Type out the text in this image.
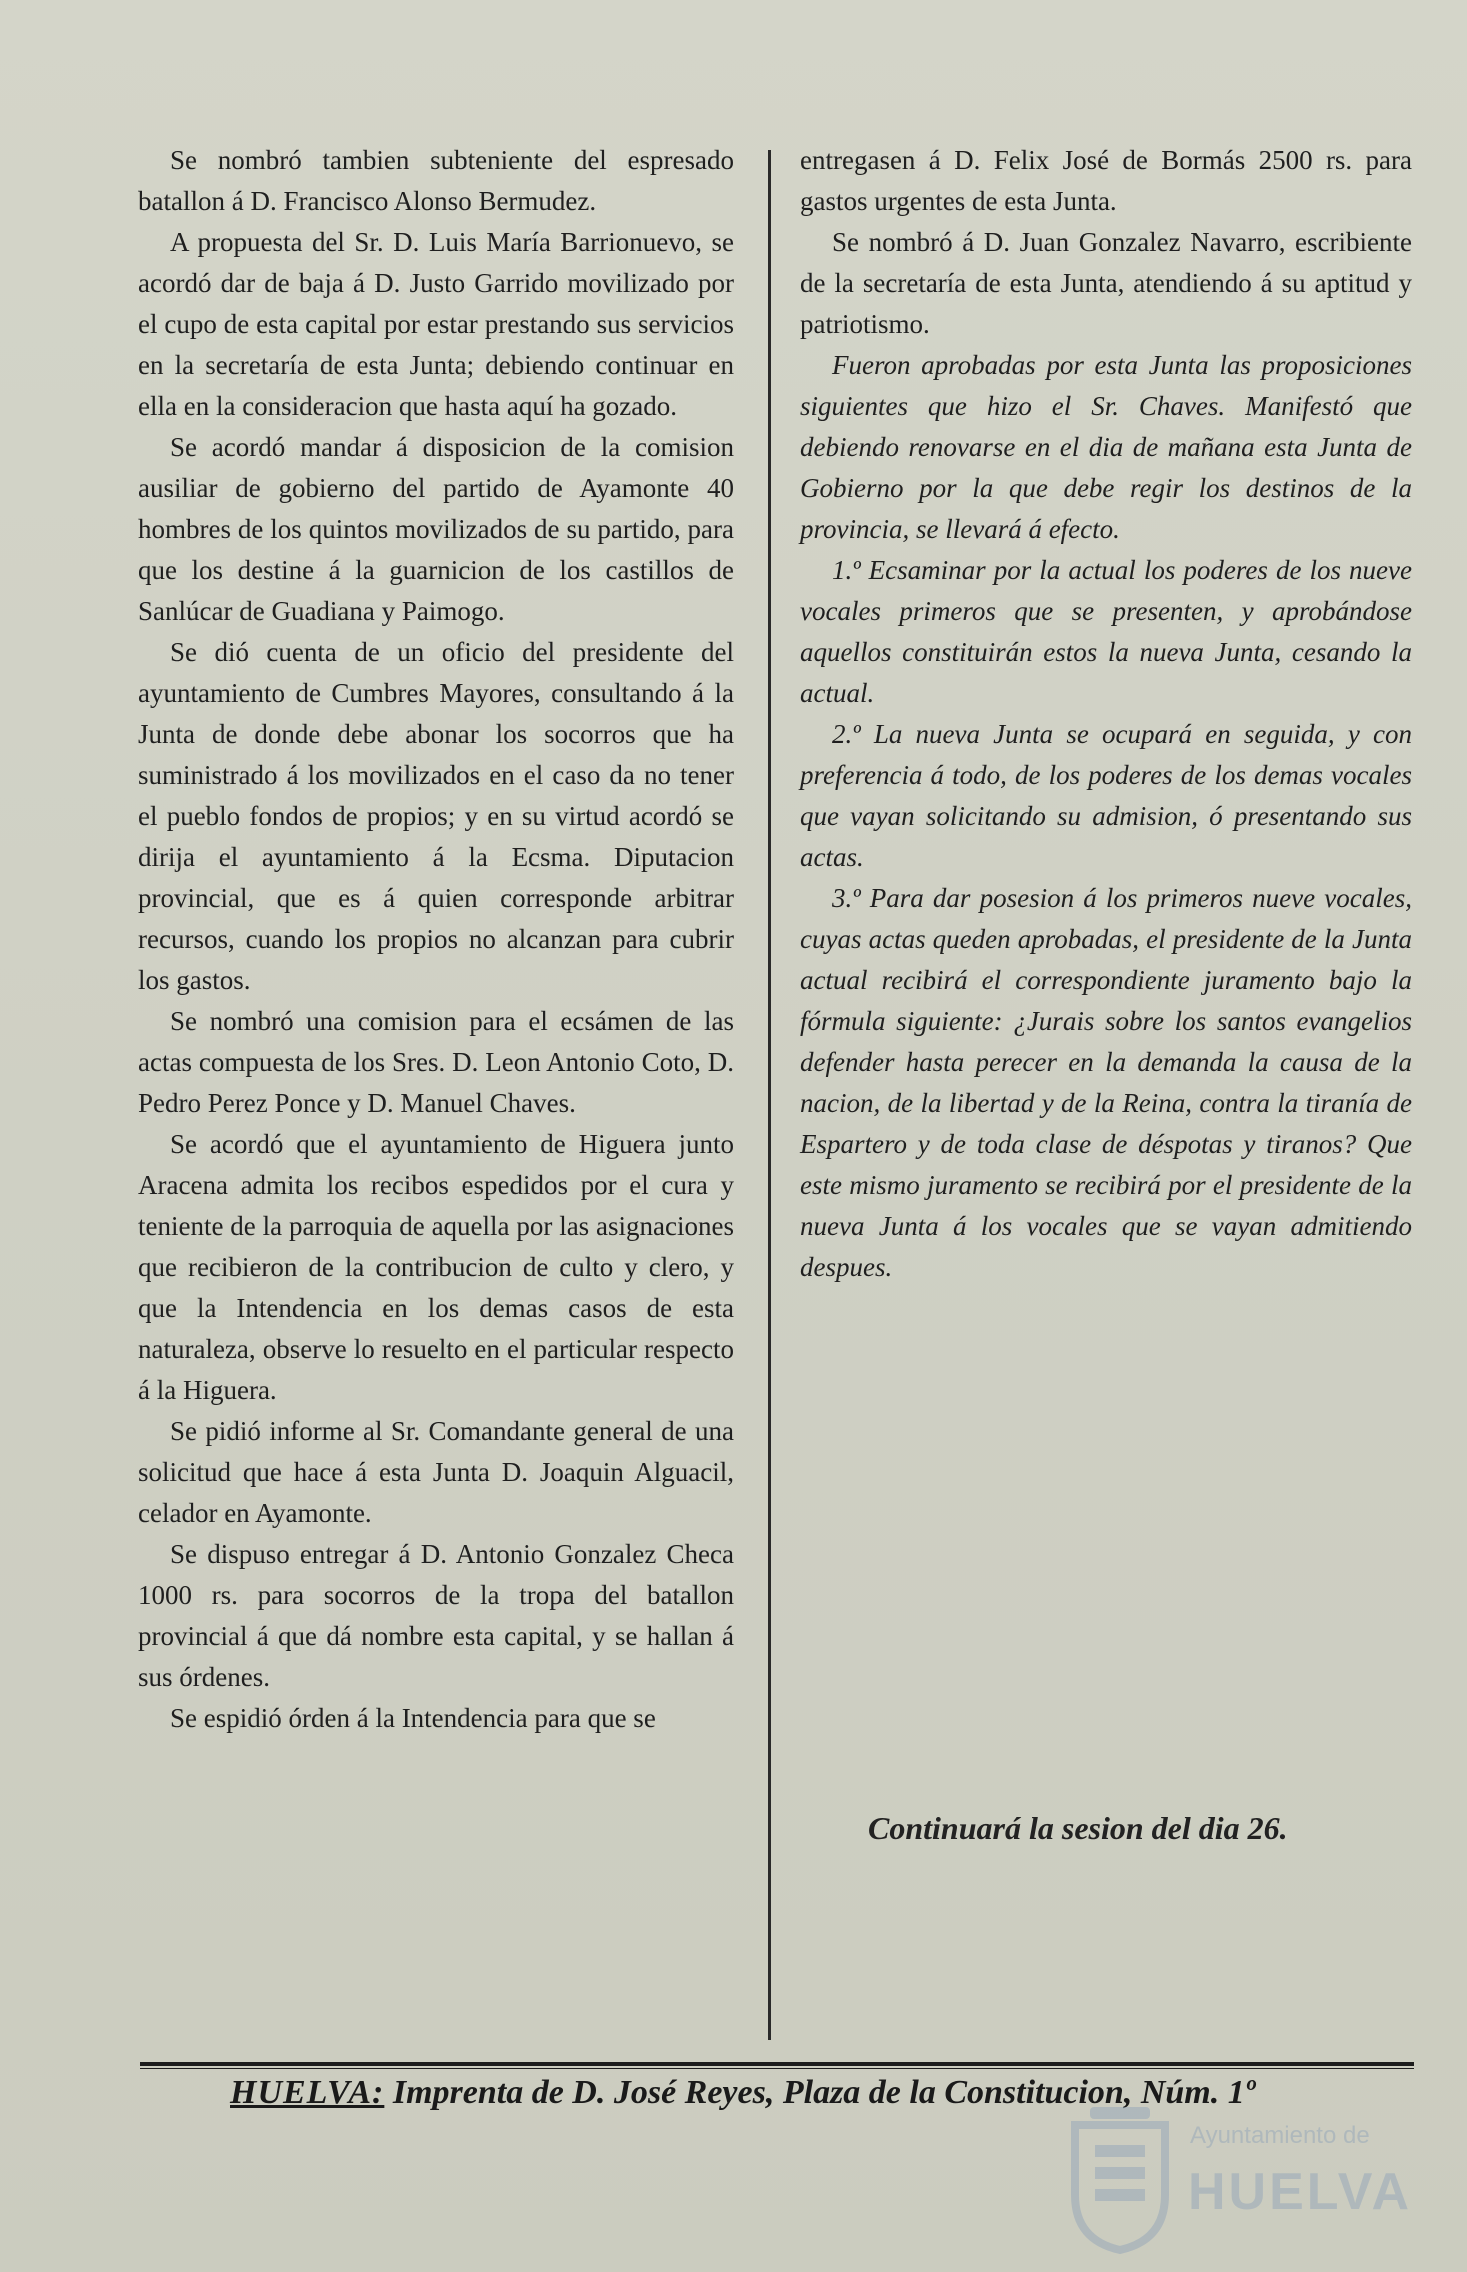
Se nombró tambien subteniente del espresado batallon á D. Francisco Alonso Bermudez.

A propuesta del Sr. D. Luis María Barrionuevo, se acordó dar de baja á D. Justo Garrido movilizado por el cupo de esta capital por estar prestando sus servicios en la secretaría de esta Junta; debiendo continuar en ella en la consideracion que hasta aquí ha gozado.

Se acordó mandar á disposicion de la comision ausiliar de gobierno del partido de Ayamonte 40 hombres de los quintos movilizados de su partido, para que los destine á la guarnicion de los castillos de Sanlúcar de Guadiana y Paimogo.

Se dió cuenta de un oficio del presidente del ayuntamiento de Cumbres Mayores, consultando á la Junta de donde debe abonar los socorros que ha suministrado á los movilizados en el caso da no tener el pueblo fondos de propios; y en su virtud acordó se dirija el ayuntamiento á la Ecsma. Diputacion provincial, que es á quien corresponde arbitrar recursos, cuando los propios no alcanzan para cubrir los gastos.

Se nombró una comision para el ecsámen de las actas compuesta de los Sres. D. Leon Antonio Coto, D. Pedro Perez Ponce y D. Manuel Chaves.

Se acordó que el ayuntamiento de Higuera junto Aracena admita los recibos espedidos por el cura y teniente de la parroquia de aquella por las asignaciones que recibieron de la contribucion de culto y clero, y que la Intendencia en los demas casos de esta naturaleza, observe lo resuelto en el particular respecto á la Higuera.

Se pidió informe al Sr. Comandante general de una solicitud que hace á esta Junta D. Joaquin Alguacil, celador en Ayamonte.

Se dispuso entregar á D. Antonio Gonzalez Checa 1000 rs. para socorros de la tropa del batallon provincial á que dá nombre esta capital, y se hallan á sus órdenes.

Se espidió órden á la Intendencia para que se

entregasen á D. Felix José de Bormás 2500 rs. para gastos urgentes de esta Junta.

Se nombró á D. Juan Gonzalez Navarro, escribiente de la secretaría de esta Junta, atendiendo á su aptitud y patriotismo.

Fueron aprobadas por esta Junta las proposiciones siguientes que hizo el Sr. Chaves. Manifestó que debiendo renovarse en el dia de mañana esta Junta de Gobierno por la que debe regir los destinos de la provincia, se llevará á efecto.

1.º Ecsaminar por la actual los poderes de los nueve vocales primeros que se presenten, y aprobándose aquellos constituirán estos la nueva Junta, cesando la actual.

2.º La nueva Junta se ocupará en seguida, y con preferencia á todo, de los poderes de los demas vocales que vayan solicitando su admision, ó presentando sus actas.

3.º Para dar posesion á los primeros nueve vocales, cuyas actas queden aprobadas, el presidente de la Junta actual recibirá el correspondiente juramento bajo la fórmula siguiente: ¿Jurais sobre los santos evangelios defender hasta perecer en la demanda la causa de la nacion, de la libertad y de la Reina, contra la tiranía de Espartero y de toda clase de déspotas y tiranos? Que este mismo juramento se recibirá por el presidente de la nueva Junta á los vocales que se vayan admitiendo despues.

Continuará la sesion del dia 26.
HUELVA: Imprenta de D. José Reyes, Plaza de la Constitucion, Núm. 1º
Ayuntamiento de
HUELVA
